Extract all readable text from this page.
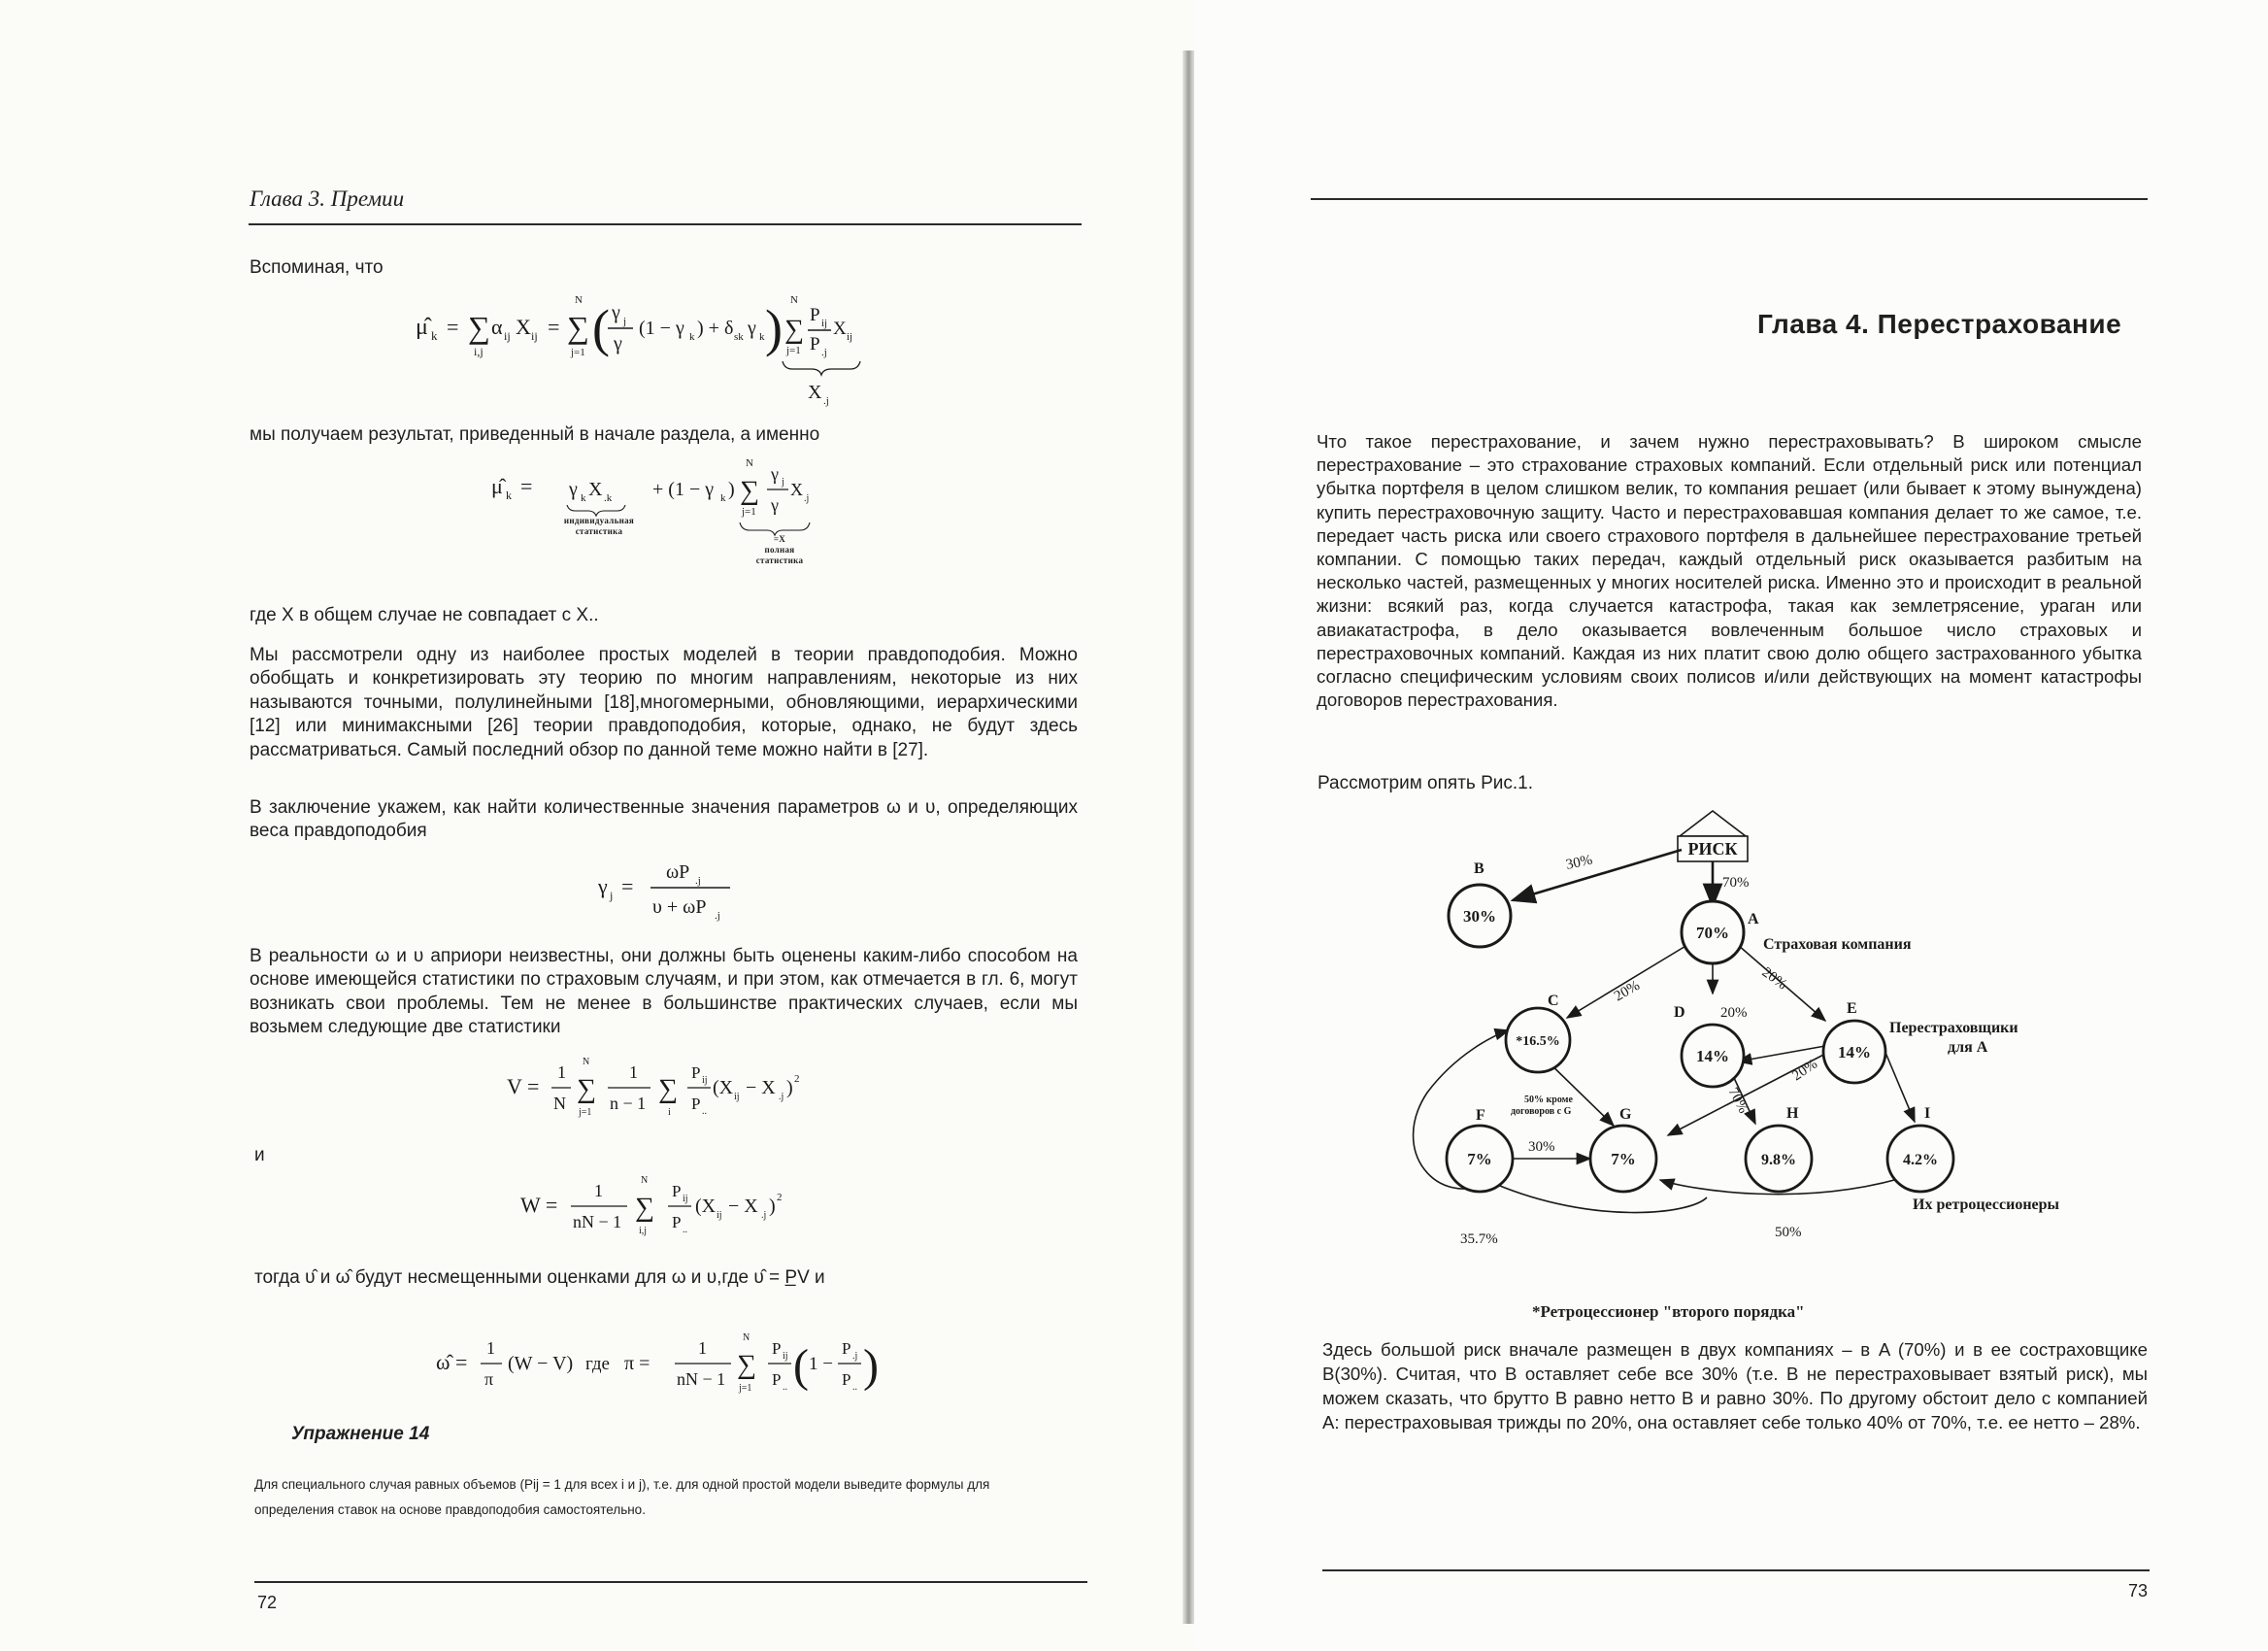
Глава 3. Премии
Вспоминая, что
μ̂ k = ∑
i,j
α ij X ij = ∑
N
j=1 ( γ j
γ
(1 − γ k ) + δ sk γ k ) ∑
N
j=1
P ij
P .j
X ij
X .j
мы получаем результат, приведенный в начале раздела, а именно
μ̂ k = γ k X .k + (1 − γ k ) ∑
N
j=1
γ j
γ
X .j
индивидуальная
статистика
=X
полная
статистика
где X в общем случае не совпадает с X..

Мы рассмотрели одну из наиболее простых моделей в теории правдоподобия. Можно обобщать и конкретизировать эту теорию по многим направлениям, некоторые из них называются точными, полулинейными [18],многомерными, обновляющими, иерархическими [12] или минимаксными [26] теории правдоподобия, которые, однако, не будут здесь рассматриваться. Самый последний обзор по данной теме можно найти в [27].

В заключение укажем, как найти количественные значения параметров ω и υ, определяющих веса правдоподобия

γ j =
ωP .j
υ + ωP .j

В реальности ω и υ априори неизвестны, они должны быть оценены каким-либо способом на основе имеющейся статистики по страховым случаям, и при этом, как отмечается в гл. 6, могут возникать свои проблемы. Тем не менее в большинстве практических случаев, если мы возьмем следующие две статистики

V =
1
N ∑
N
j=1
1
n − 1 ∑
i
P ij
P ..
(X ij − X .j ) 2
и
W =
1
nN − 1 ∑
N
i,j
P ij
P ..
(X ij − X .j ) 2
тогда υ̂ и ω̂ будут несмещенными оценками для ω и υ,где υ̂ = P̲V и
ω̂ =
1
π
(W − V) где π =
1
nN − 1 ∑
N
j=1
P ij
P .. ( 1 −
P .j
P .. )
Упражнение 14
Для специального случая равных объемов (Pij = 1 для всех i и j), т.е. для одной простой модели выведите формулы для определения ставок на основе правдоподобия самостоятельно.
72
Глава 4. Перестрахование

Что такое перестрахование, и зачем нужно перестраховывать? В широком смысле перестрахование – это страхование страховых компаний. Если отдельный риск или потенциал убытка портфеля в целом слишком велик, то компания решает (или бывает к этому вынуждена) купить перестраховочную защиту. Часто и перестраховавшая компания делает то же самое, т.е. передает часть риска или своего страхового портфеля в дальнейшее перестрахование третьей компании. С помощью таких передач, каждый отдельный риск оказывается разбитым на несколько частей, размещенных у многих носителей риска. Именно это и происходит в реальной жизни: всякий раз, когда случается катастрофа, такая как землетрясение, ураган или авиакатастрофа, в дело оказывается вовлеченным большое число страховых и перестраховочных компаний. Каждая из них платит свою долю общего застрахованного убытка согласно специфическим условиям своих полисов и/или действующих на момент катастрофы договоров перестрахования.

Рассмотрим опять Рис.1.
РИСК
30%
70%
*16.5%
14%	14%
7%	7%	9.8%	4.2%
B
A
C
D	E
F	G	H	I
Страховая компания
Перестраховщики
для A
Их ретроцессионеры
50% кроме
договоров с G
30%
70%
20%
20%
20%
20%
70%
30%
35.7%	50%
*Ретроцессионер "второго порядка"

Здесь большой риск вначале размещен в двух компаниях – в A (70%) и в ее состраховщике B(30%). Считая, что B оставляет себе все 30% (т.е. B не перестраховывает взятый риск), мы можем сказать, что брутто B равно нетто B и равно 30%. По другому обстоит дело с компанией A: перестраховывая трижды по 20%, она оставляет себе только 40% от 70%, т.е. ее нетто – 28%.

73
